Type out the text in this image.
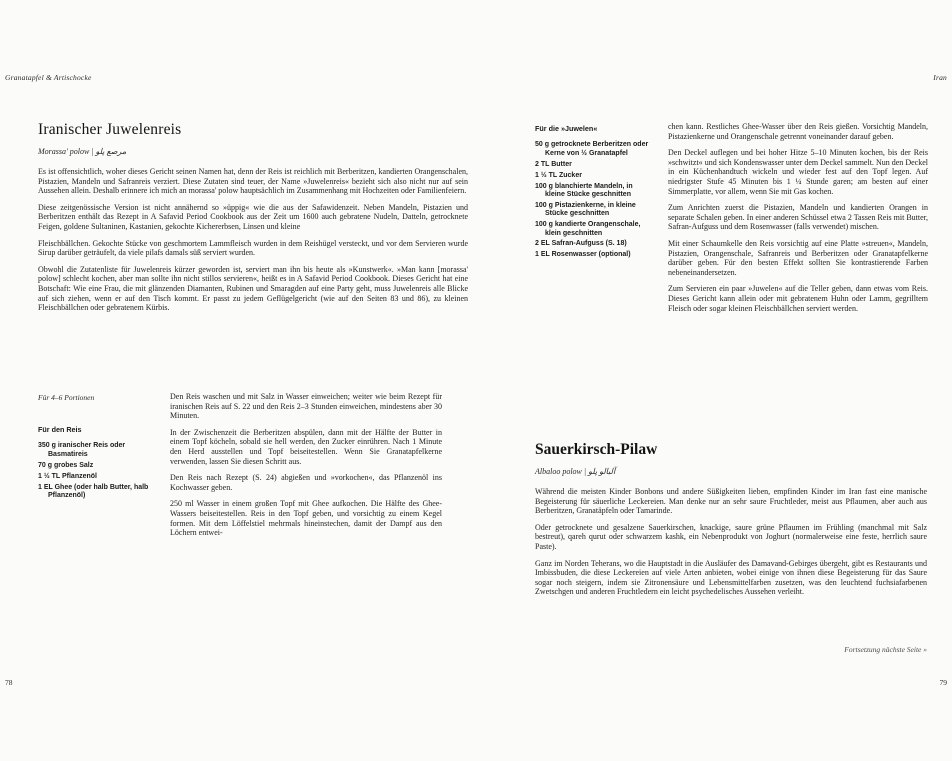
Granatapfel & Artischocke	Iran
Iranischer Juwelenreis
Morassa' polow | مرصع پلو

Es ist offensichtlich, woher dieses Gericht seinen Namen hat, denn der Reis ist reichlich mit Berberitzen, kandierten Orangenschalen, Pistazien, Mandeln und Safranreis verziert. Diese Zutaten sind teuer, der Name »Juwelenreis« bezieht sich also nicht nur auf sein Aussehen allein. Deshalb erinnere ich mich an morassa' polow hauptsächlich im Zusammenhang mit Hochzeiten oder Familienfeiern.

Diese zeitgenössische Version ist nicht annähernd so »üppig« wie die aus der Safawidenzeit. Neben Mandeln, Pistazien und Berberitzen enthält das Rezept in A Safavid Period Cookbook aus der Zeit um 1600 auch gebratene Nudeln, Datteln, getrocknete Feigen, goldene Sultaninen, Kastanien, gekochte Kichererbsen, Linsen und kleine

Fleischbällchen. Gekochte Stücke von geschmortem Lammfleisch wurden in dem Reishügel versteckt, und vor dem Servieren wurde Sirup darüber geträufelt, da viele pilafs damals süß serviert wurden.

Obwohl die Zutatenliste für Juwelenreis kürzer geworden ist, serviert man ihn bis heute als »Kunstwerk«. »Man kann [morassa' polow] schlecht kochen, aber man sollte ihn nicht stillos servieren«, heißt es in A Safavid Period Cookbook. Dieses Gericht hat eine Botschaft: Wie eine Frau, die mit glänzenden Diamanten, Rubinen und Smaragden auf eine Party geht, muss Juwelenreis alle Blicke auf sich ziehen, wenn er auf den Tisch kommt. Er passt zu jedem Geflügelgericht (wie auf den Seiten 83 und 86), zu kleinen Fleischbällchen oder gebratenem Kürbis.

Für 4–6 Portionen
Für den Reis
350 g iranischer Reis oder Basmatireis
70 g grobes Salz
1 ½ TL Pflanzenöl
1 EL Ghee (oder halb Butter, halb Pflanzenöl)

Den Reis waschen und mit Salz in Wasser einweichen; weiter wie beim Rezept für iranischen Reis auf S. 22 und den Reis 2–3 Stunden einweichen, mindestens aber 30 Minuten.

In der Zwischenzeit die Berberitzen abspülen, dann mit der Hälfte der Butter in einem Topf köcheln, sobald sie hell werden, den Zucker einrühren. Nach 1 Minute den Herd ausstellen und Topf beiseitestellen. Wenn Sie Granatapfelkerne verwenden, lassen Sie diesen Schritt aus.

Den Reis nach Rezept (S. 24) abgießen und »vorkochen«, das Pflanzenöl ins Kochwasser geben.

250 ml Wasser in einem großen Topf mit Ghee aufkochen. Die Hälfte des Ghee-Wassers beiseitestellen. Reis in den Topf geben, und vorsichtig zu einem Kegel formen. Mit dem Löffelstiel mehrmals hineinstechen, damit der Dampf aus den Löchern entwei-

Für die »Juwelen«
50 g getrocknete Berberitzen oder Kerne von ½ Granatapfel
2 TL Butter
1 ½ TL Zucker
100 g blanchierte Mandeln, in kleine Stücke geschnitten
100 g Pistazienkerne, in kleine Stücke geschnitten
100 g kandierte Orangenschale, klein geschnitten
2 EL Safran-Aufguss (S. 18)
1 EL Rosenwasser (optional)

chen kann. Restliches Ghee-Wasser über den Reis gießen. Vorsichtig Mandeln, Pistazienkerne und Orangenschale getrennt voneinander darauf geben.

Den Deckel auflegen und bei hoher Hitze 5–10 Minuten kochen, bis der Reis »schwitzt« und sich Kondenswasser unter dem Deckel sammelt. Nun den Deckel in ein Küchenhandtuch wickeln und wieder fest auf den Topf legen. Auf niedrigster Stufe 45 Minuten bis 1 ¼ Stunde garen; am besten auf einer Simmerplatte, vor allem, wenn Sie mit Gas kochen.

Zum Anrichten zuerst die Pistazien, Mandeln und kandierten Orangen in separate Schalen geben. In einer anderen Schüssel etwa 2 Tassen Reis mit Butter, Safran-Aufguss und dem Rosenwasser (falls verwendet) mischen.

Mit einer Schaumkelle den Reis vorsichtig auf eine Platte »streuen«, Mandeln, Pistazien, Orangenschale, Safranreis und Berberitzen oder Granatapfelkerne darüber geben. Für den besten Effekt sollten Sie kontrastierende Farben nebeneinandersetzen.

Zum Servieren ein paar »Juwelen« auf die Teller geben, dann etwas vom Reis. Dieses Gericht kann allein oder mit gebratenem Huhn oder Lamm, gegrilltem Fleisch oder sogar kleinen Fleischbällchen serviert werden.

Sauerkirsch-Pilaw
Albaloo polow | آلبالو پلو

Während die meisten Kinder Bonbons und andere Süßigkeiten lieben, empfinden Kinder im Iran fast eine manische Begeisterung für säuerliche Leckereien. Man denke nur an sehr saure Fruchtleder, meist aus Pflaumen, aber auch aus Berberitzen, Granatäpfeln oder Tamarinde.

Oder getrocknete und gesalzene Sauerkirschen, knackige, saure grüne Pflaumen im Frühling (manchmal mit Salz bestreut), qareh qurut oder schwarzem kashk, ein Nebenprodukt von Joghurt (normalerweise eine feste, herrlich saure Paste).

Ganz im Norden Teherans, wo die Hauptstadt in die Ausläufer des Damavand-Gebirges übergeht, gibt es Restaurants und Imbissbuden, die diese Leckereien auf viele Arten anbieten, wobei einige von ihnen diese Begeisterung für das Saure sogar noch steigern, indem sie Zitronensäure und Lebensmittelfarben zusetzen, was den leuchtend fuchsiafarbenen Zwetschgen und anderen Fruchtledern ein leicht psychedelisches Aussehen verleiht.

Fortsetzung nächste Seite »
78	79
